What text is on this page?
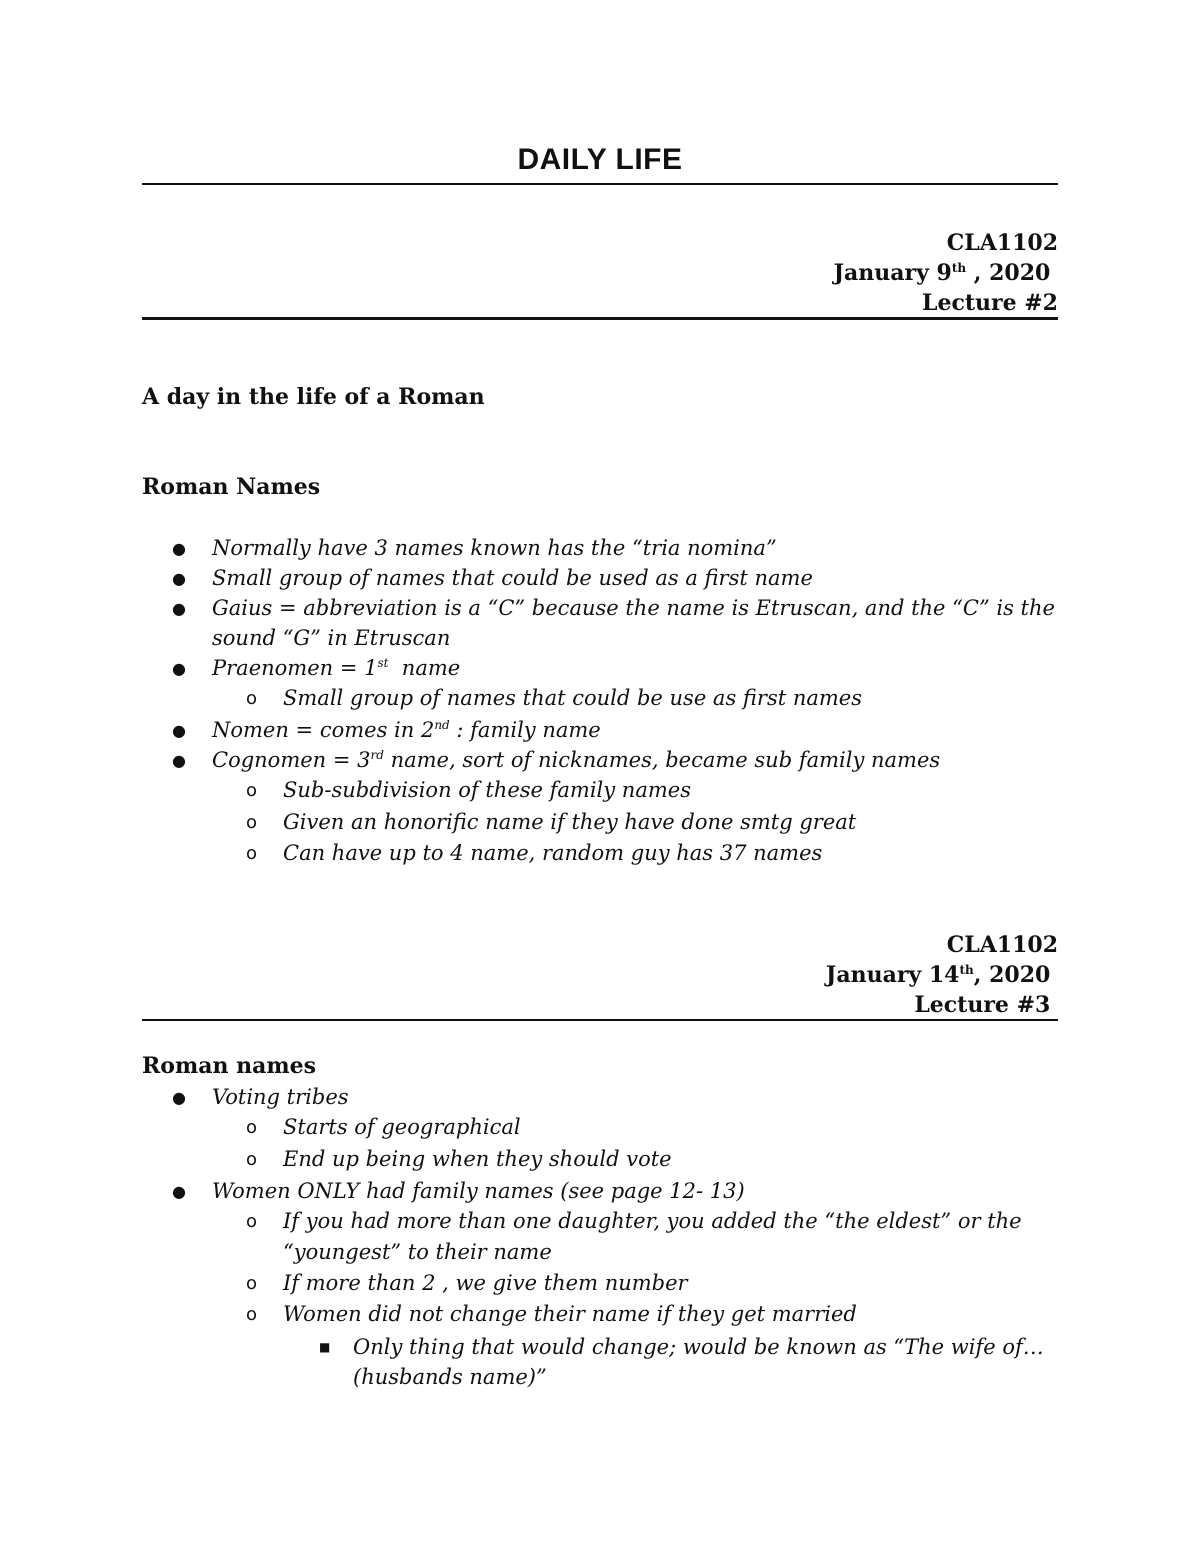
DAILY LIFE
CLA1102
January 9th , 2020
Lecture #2
A day in the life of a Roman
Roman Names
● Normally have 3 names known has the “tria nomina”
● Small group of names that could be used as a first name
● Gaius = abbreviation is a “C” because the name is Etruscan, and the “C” is the
sound “G” in Etruscan
● Praenomen = 1st  name
o Small group of names that could be use as first names
● Nomen = comes in 2nd : family name
● Cognomen = 3rd name, sort of nicknames, became sub family names
o Sub-subdivision of these family names
o Given an honorific name if they have done smtg great
o Can have up to 4 name, random guy has 37 names
CLA1102
January 14th, 2020
Lecture #3
Roman names
● Voting tribes
o Starts of geographical
o End up being when they should vote
● Women ONLY had family names (see page 12- 13)
o If you had more than one daughter, you added the “the eldest” or the
“youngest” to their name
o If more than 2 , we give them number
o Women did not change their name if they get married
■ Only thing that would change; would be known as “The wife of…
(husbands name)”
